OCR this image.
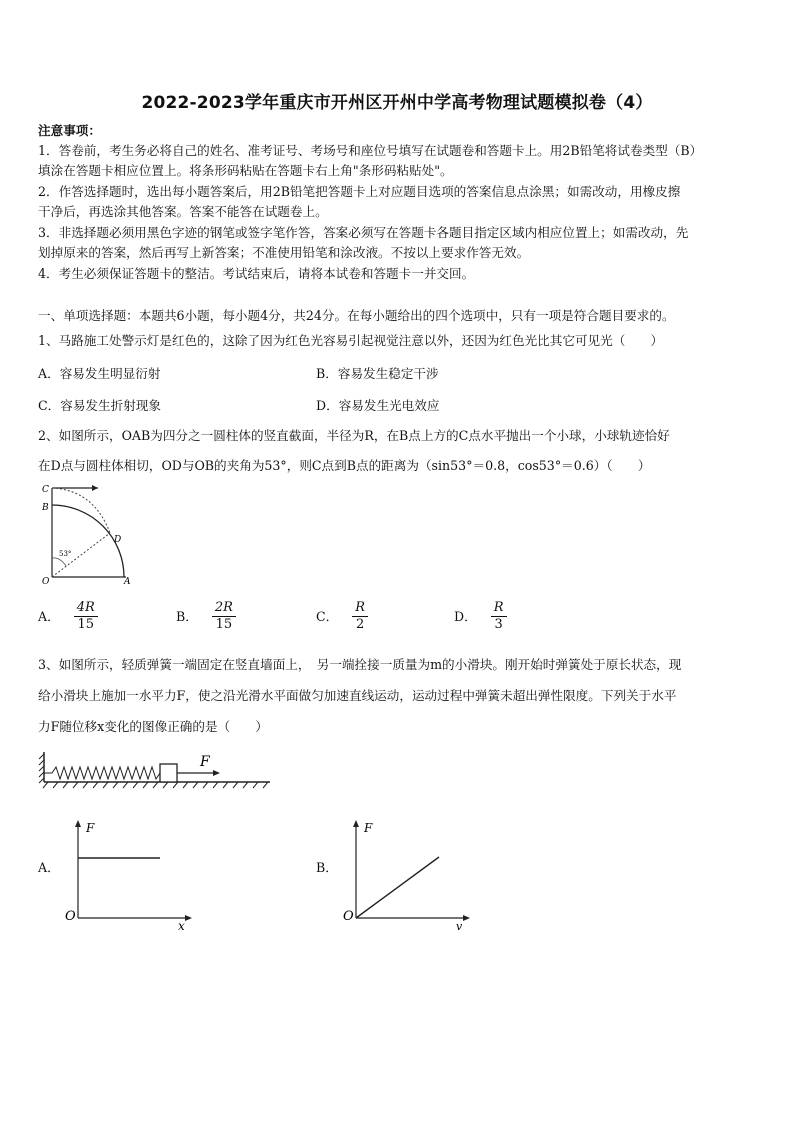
2022-2023学年重庆市开州区开州中学高考物理试题模拟卷（4）
注意事项：
1．答卷前，考生务必将自己的姓名、准考证号、考场号和座位号填写在试题卷和答题卡上。用2B铅笔将试卷类型（B）
填涂在答题卡相应位置上。将条形码粘贴在答题卡右上角"条形码粘贴处"。
2．作答选择题时，选出每小题答案后，用2B铅笔把答题卡上对应题目选项的答案信息点涂黑；如需改动，用橡皮擦
干净后，再选涂其他答案。答案不能答在试题卷上。
3．非选择题必须用黑色字迹的钢笔或签字笔作答，答案必须写在答题卡各题目指定区域内相应位置上；如需改动，先
划掉原来的答案，然后再写上新答案；不准使用铅笔和涂改液。不按以上要求作答无效。
4．考生必须保证答题卡的整洁。考试结束后，请将本试卷和答题卡一并交回。
一、单项选择题：本题共6小题，每小题4分，共24分。在每小题给出的四个选项中，只有一项是符合题目要求的。
1、马路施工处警示灯是红色的，这除了因为红色光容易引起视觉注意以外，还因为红色光比其它可见光（　　）
A．容易发生明显衍射	B．容易发生稳定干涉
C．容易发生折射现象	D．容易发生光电效应
2、如图所示，OAB为四分之一圆柱体的竖直截面，半径为R，在B点上方的C点水平抛出一个小球，小球轨迹恰好
在D点与圆柱体相切，OD与OB的夹角为53°，则C点到B点的距离为（sin53°＝0.8，cos53°＝0.6）（　　）
C
B
D
O	A
53°
A． $\frac{4R}{15}$	B． $\frac{2R}{15}$	C． $\frac{R}{2}$	D． $\frac{R}{3}$
3、如图所示，轻质弹簧一端固定在竖直墙面上，　另一端拴接一质量为m的小滑块。刚开始时弹簧处于原长状态，现
给小滑块上施加一水平力F，使之沿光滑水平面做匀加速直线运动，运动过程中弹簧未超出弹性限度。下列关于水平
力F随位移x变化的图像正确的是（　　）
F
A．
F
x
O
B．
F
v
O
